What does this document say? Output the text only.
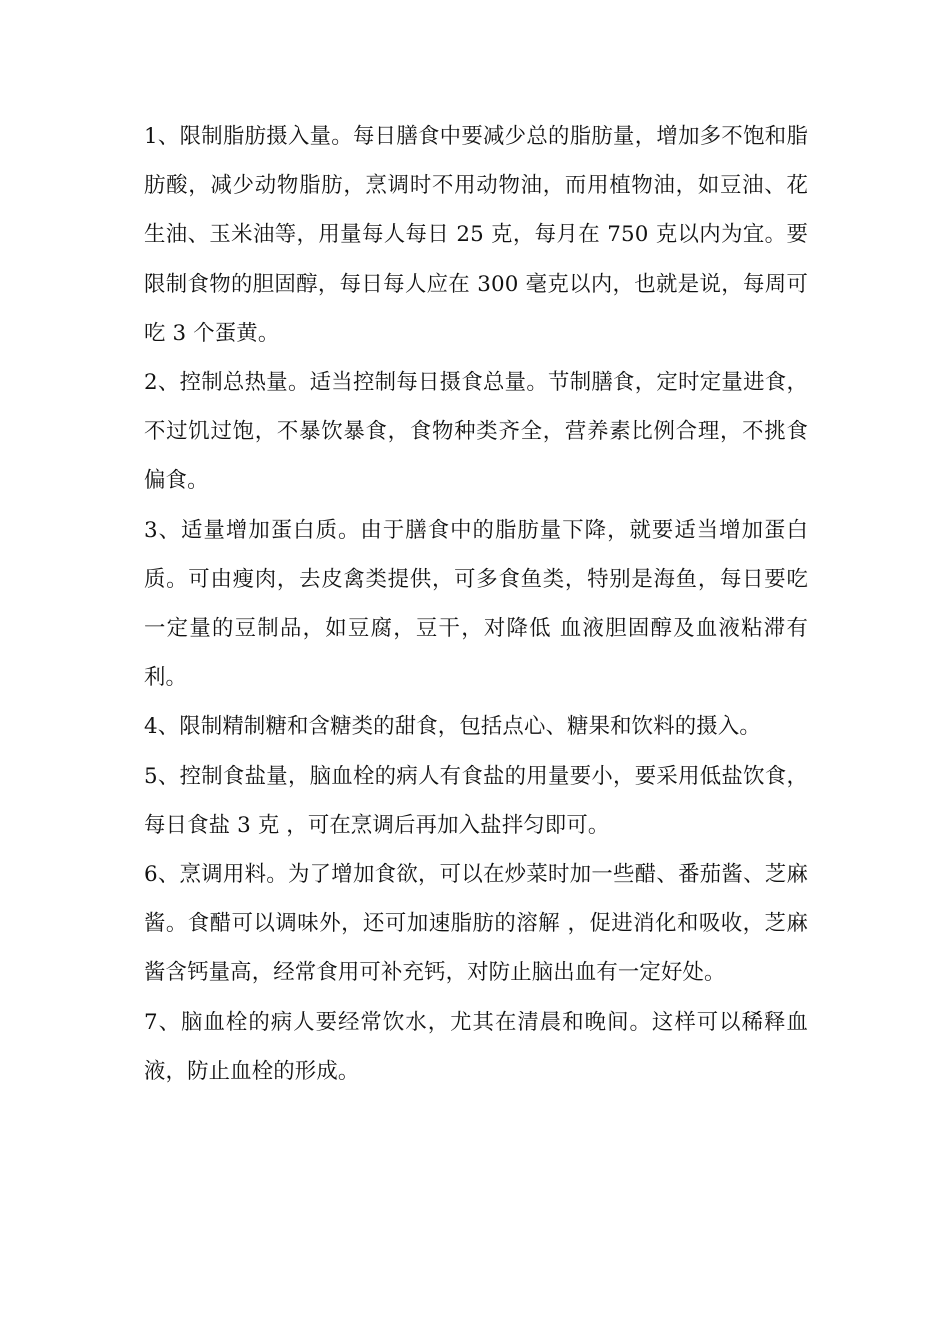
1、限制脂肪摄入量。每日膳食中要减少总的脂肪量，增加多不饱和脂肪酸，减少动物脂肪，烹调时不用动物油，而用植物油，如豆油、花生油、玉米油等，用量每人每日 25 克，每月在 750 克以内为宜。要限制食物的胆固醇，每日每人应在 300 毫克以内，也就是说，每周可吃 3 个蛋黄。

2、控制总热量。适当控制每日摄食总量。节制膳食，定时定量进食，不过饥过饱，不暴饮暴食，食物种类齐全，营养素比例合理，不挑食偏食。

3、适量增加蛋白质。由于膳食中的脂肪量下降，就要适当增加蛋白质。可由瘦肉，去皮禽类提供，可多食鱼类，特别是海鱼，每日要吃一定量的豆制品，如豆腐，豆干，对降低 血液胆固醇及血液粘滞有利。

4、限制精制糖和含糖类的甜食，包括点心、糖果和饮料的摄入。

5、控制食盐量，脑血栓的病人有食盐的用量要小，要采用低盐饮食，每日食盐 3 克 ，可在烹调后再加入盐拌匀即可。

6、烹调用料。为了增加食欲，可以在炒菜时加一些醋、番茄酱、芝麻酱。食醋可以调味外，还可加速脂肪的溶解 ，促进消化和吸收，芝麻酱含钙量高，经常食用可补充钙，对防止脑出血有一定好处。

7、脑血栓的病人要经常饮水，尤其在清晨和晚间。这样可以稀释血液，防止血栓的形成。
